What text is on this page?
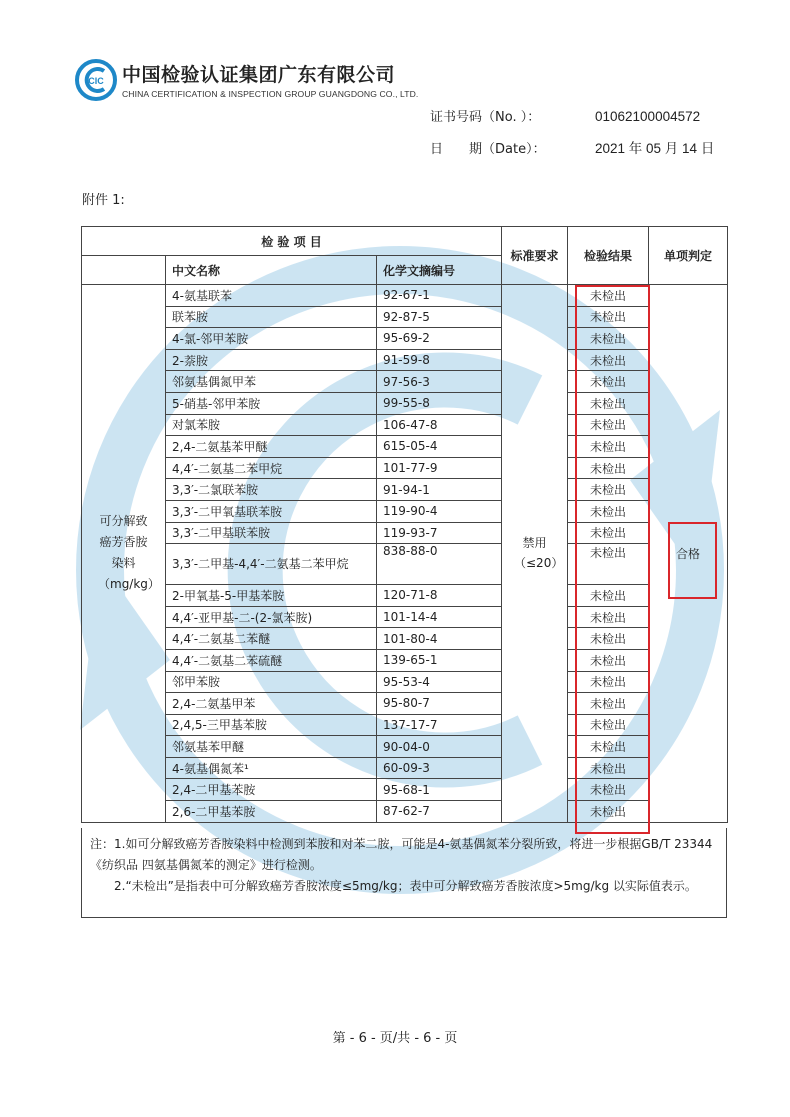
CIC 中国检验认证集团广东有限公司
CHINA CERTIFICATION & INSPECTION GROUP GUANGDONG CO., LTD.
证书号码（No. ）：	01062100004572
日　　期（Date）：	2021 年 05 月 14 日
附件 1:
检 验 项 目			标准要求	检验结果	单项判定
	中文名称	化学文摘编号			
可分解致癌芳香胺染料（mg/kg）	4-氨基联苯	92-67-1	禁用（≤20）	未检出	合格
	联苯胺	92-87-5		未检出	
	4-氯-邻甲苯胺	95-69-2		未检出	
	2-萘胺	91-59-8		未检出	
	邻氨基偶氮甲苯	97-56-3		未检出	
	5-硝基-邻甲苯胺	99-55-8		未检出	
	对氯苯胺	106-47-8		未检出	
	2,4-二氨基苯甲醚	615-05-4		未检出	
	4,4′-二氨基二苯甲烷	101-77-9		未检出	
	3,3′-二氯联苯胺	91-94-1		未检出	
	3,3′-二甲氧基联苯胺	119-90-4		未检出	
	3,3′-二甲基联苯胺	119-93-7		未检出	
	3,3′-二甲基-4,4′-二氨基二苯甲烷	838-88-0		未检出	
	2-甲氧基-5-甲基苯胺	120-71-8		未检出	
	4,4′-亚甲基-二-(2-氯苯胺)	101-14-4		未检出	
	4,4′-二氨基二苯醚	101-80-4		未检出	
	4,4′-二氨基二苯硫醚	139-65-1		未检出	
	邻甲苯胺	95-53-4		未检出	
	2,4-二氨基甲苯	95-80-7		未检出	
	2,4,5-三甲基苯胺	137-17-7		未检出	
	邻氨基苯甲醚	90-04-0		未检出	
	4-氨基偶氮苯¹	60-09-3		未检出	
	2,4-二甲基苯胺	95-68-1		未检出	
	2,6-二甲基苯胺	87-62-7		未检出	

注：1.如可分解致癌芳香胺染料中检测到苯胺和对苯二胺，可能是4-氨基偶氮苯分裂所致，将进一步根据GB/T 23344《纺织品 四氨基偶氮苯的测定》进行检测。

2.“未检出”是指表中可分解致癌芳香胺浓度≤5mg/kg；表中可分解致癌芳香胺浓度>5mg/kg 以实际值表示。

第 - 6 - 页/共 - 6 - 页
